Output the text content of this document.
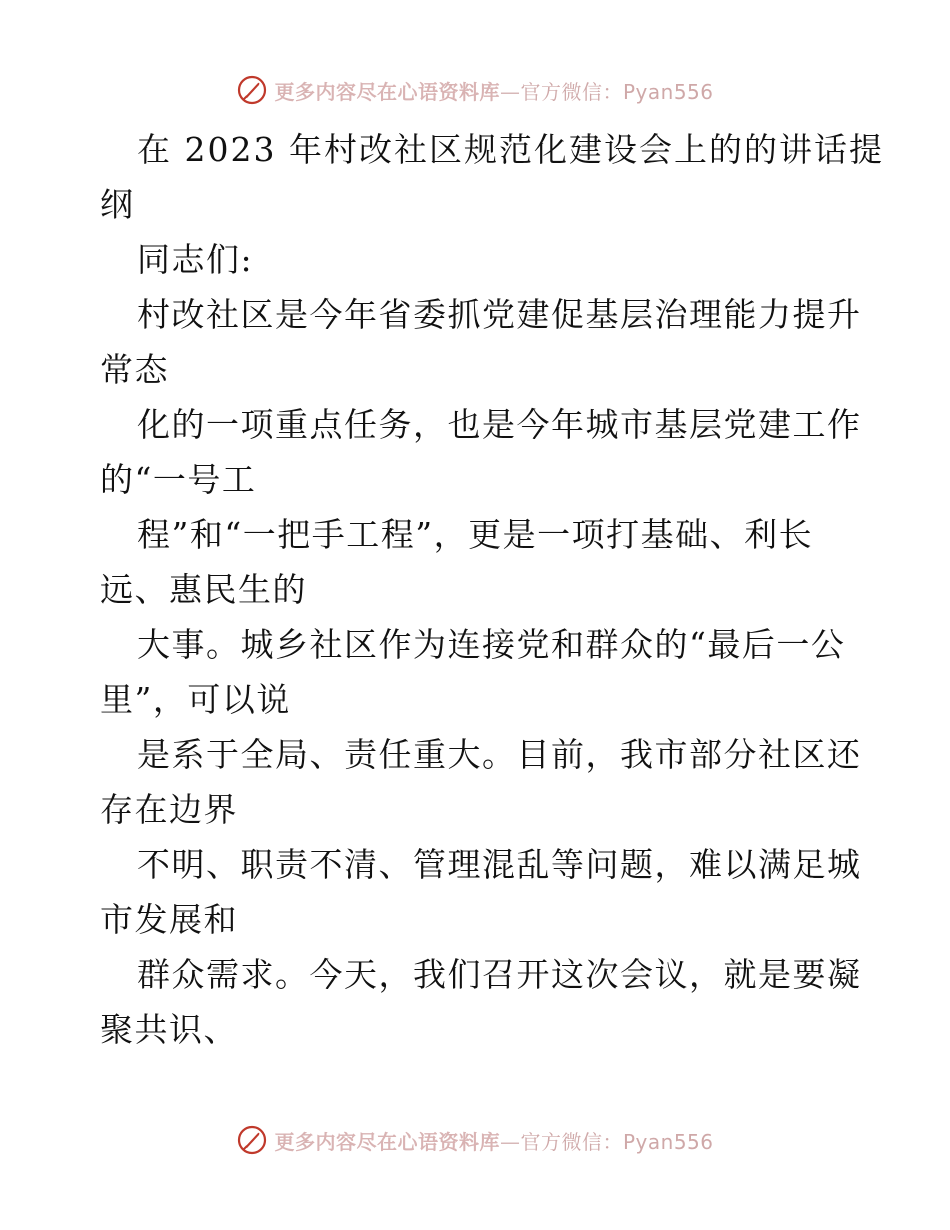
更多内容尽在心语资料库—官方微信：Pyan556
在 2023 年村改社区规范化建设会上的的讲话提
纲
同志们:
村改社区是今年省委抓党建促基层治理能力提升
常态
化的一项重点任务，也是今年城市基层党建工作
的“一号工
程”和“一把手工程”，更是一项打基础、利长
远、惠民生的
大事。城乡社区作为连接党和群众的“最后一公
里”，可以说
是系于全局、责任重大。目前，我市部分社区还
存在边界
不明、职责不清、管理混乱等问题，难以满足城
市发展和
群众需求。今天，我们召开这次会议，就是要凝
聚共识、
更多内容尽在心语资料库—官方微信：Pyan556
